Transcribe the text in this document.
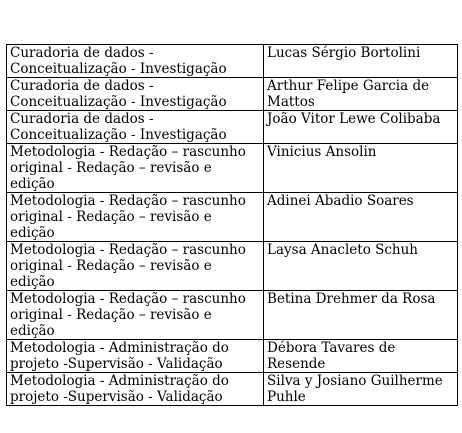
Curadoria de dados - Conceitualização - Investigação	Lucas Sérgio Bortolini
Curadoria de dados - Conceitualização - Investigação	Arthur Felipe Garcia de Mattos
Curadoria de dados - Conceitualização - Investigação	João Vitor Lewe Colibaba
Metodologia - Redação – rascunho original - Redação – revisão e edição	Vinicius Ansolin
Metodologia - Redação – rascunho original - Redação – revisão e edição	Adinei Abadio Soares
Metodologia - Redação – rascunho original - Redação – revisão e edição	Laysa Anacleto Schuh
Metodologia - Redação – rascunho original - Redação – revisão e edição	Betina Drehmer da Rosa
Metodologia - Administração do projeto -Supervisão - Validação	Débora Tavares de Resende
Metodologia - Administração do projeto -Supervisão - Validação	Silva y Josiano Guilherme Puhle
